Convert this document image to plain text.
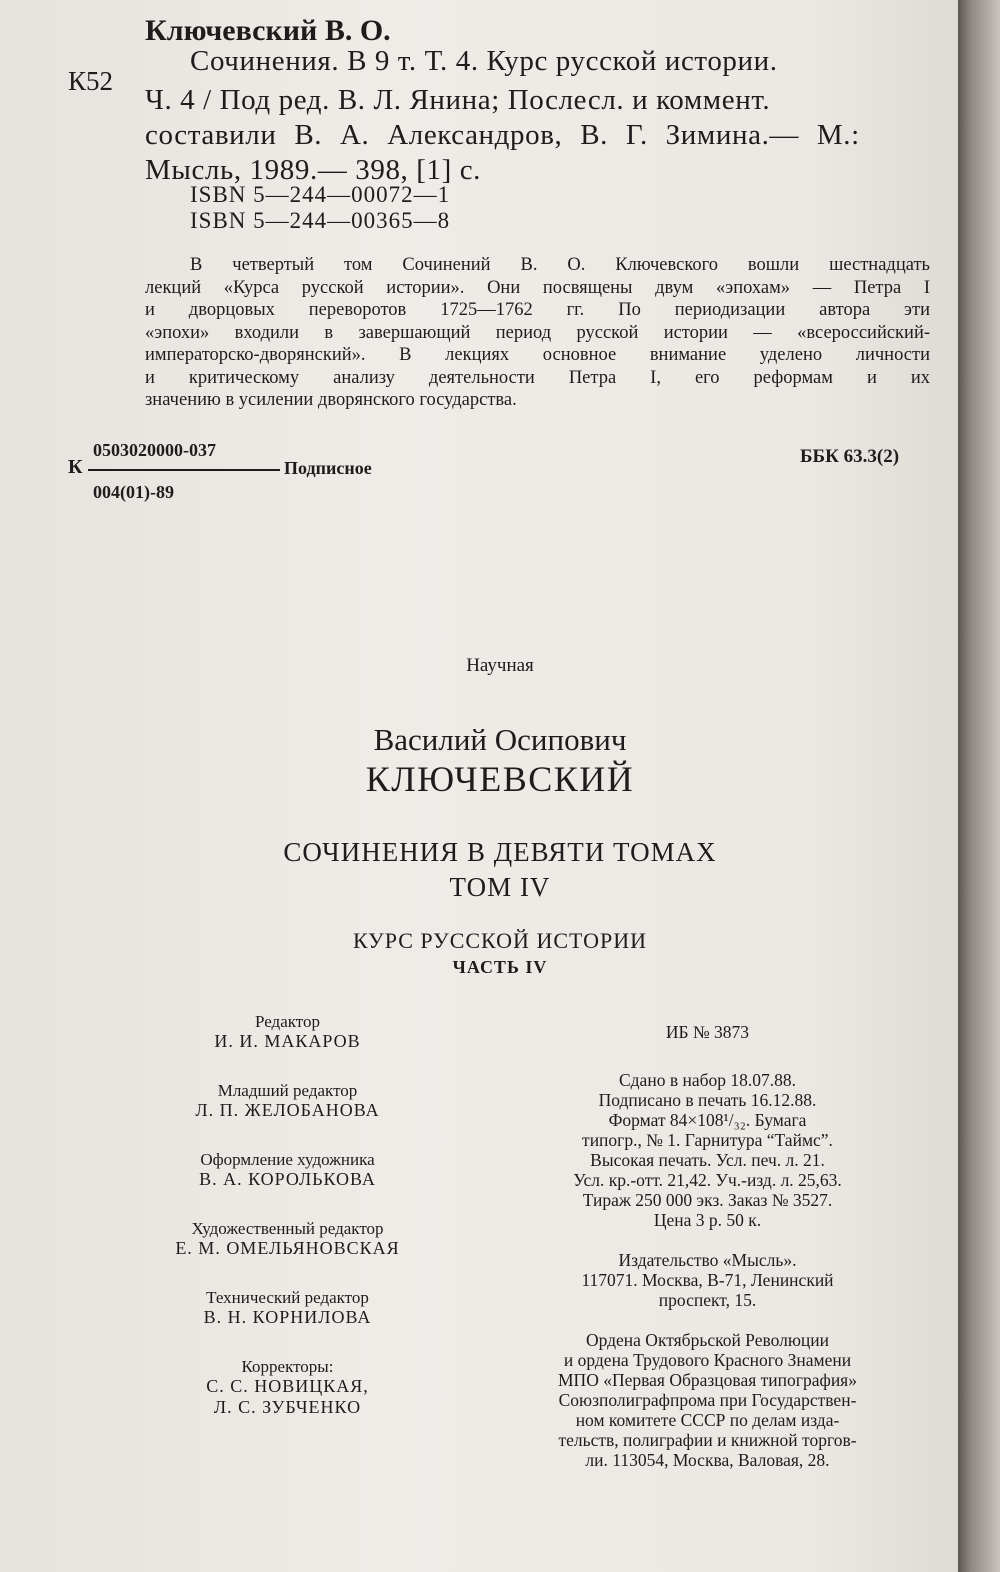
Ключевский В. О.
К52
Сочинения. В 9 т. Т. 4. Курс русской истории.
Ч. 4 / Под ред. В. Л. Янина; Послесл. и коммент.
составили В. А. Александров, В. Г. Зимина.— М.:
Мысль, 1989.— 398, [1] с.
ISBN 5—244—00072—1
ISBN 5—244—00365—8

В четвертый том Сочинений В. О. Ключевского вошли шестнадцать

лекций «Курса русской истории». Они посвящены двум «эпохам» — Петра I

и дворцовых переворотов 1725—1762 гг. По периодизации автора эти

«эпохи» входили в завершающий период русской истории — «всероссийский-

императорско-дворянский». В лекциях основное внимание уделено личности

и критическому анализу деятельности Петра I, его реформам и их

значению в усилении дворянского государства.

К
0503020000-037
004(01)-89
Подписное
ББК 63.3(2)
Научная
Василий Осипович
КЛЮЧЕВСКИЙ
СОЧИНЕНИЯ В ДЕВЯТИ ТОМАХ
ТОМ IV
КУРС РУССКОЙ ИСТОРИИ
ЧАСТЬ IV
Редактор
И. И. МАКАРОВ
Младший редактор
Л. П. ЖЕЛОБАНОВА
Оформление художника
В. А. КОРОЛЬКОВА
Художественный редактор
Е. М. ОМЕЛЬЯНОВСКАЯ
Технический редактор
В. Н. КОРНИЛОВА
Корректоры:
С. С. НОВИЦКАЯ,
Л. С. ЗУБЧЕНКО

ИБ № 3873

Сдано в набор 18.07.88.

Подписано в печать 16.12.88.

Формат 84×108¹/₃₂. Бумага

типогр., № 1. Гарнитура “Таймс”.

Высокая печать. Усл. печ. л. 21.

Усл. кр.-отт. 21,42. Уч.-изд. л. 25,63.

Тираж 250 000 экз. Заказ № 3527.

Цена 3 р. 50 к.

Издательство «Мысль».

117071. Москва, В-71, Ленинский

проспект, 15.

Ордена Октябрьской Революции

и ордена Трудового Красного Знамени

МПО «Первая Образцовая типография»

Союзполиграфпрома при Государствен-

ном комитете СССР по делам изда-

тельств, полиграфии и книжной торгов-

ли. 113054, Москва, Валовая, 28.
